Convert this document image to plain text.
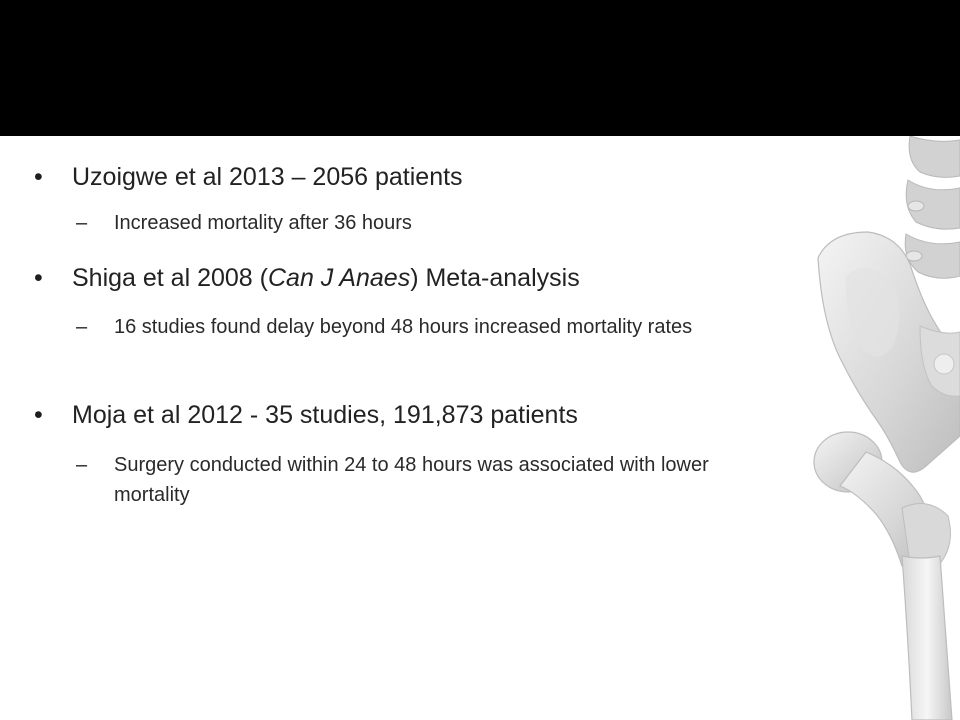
• Uzoigwe et al 2013 – 2056 patients
– Increased mortality after 36 hours
• Shiga et al 2008 (Can J Anaes) Meta-analysis
– 16 studies found delay beyond 48 hours increased mortality rates
• Moja et al 2012 - 35 studies, 191,873 patients
– Surgery conducted within 24 to 48 hours was associated with lower mortality
